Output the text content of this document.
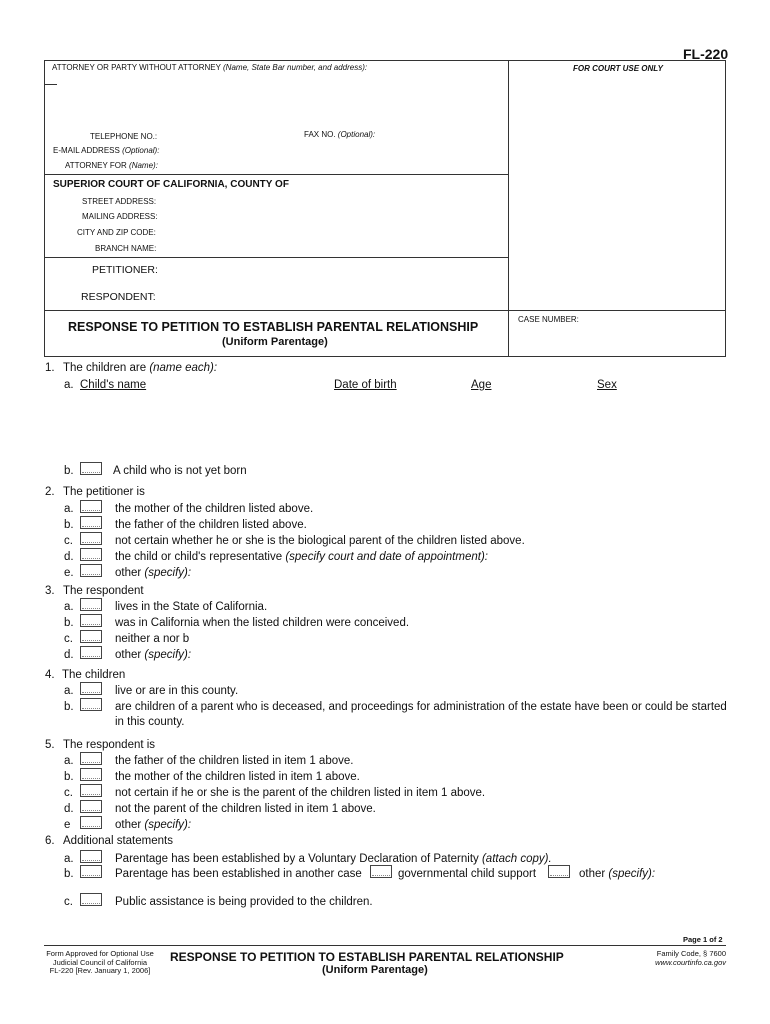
FL-220
ATTORNEY OR PARTY WITHOUT ATTORNEY (Name, State Bar number, and address):	FOR COURT USE ONLY
TELEPHONE NO.:	FAX NO. (Optional):
E-MAIL ADDRESS (Optional):
ATTORNEY FOR (Name):
SUPERIOR COURT OF CALIFORNIA, COUNTY OF
STREET ADDRESS:
MAILING ADDRESS:
CITY AND ZIP CODE:
BRANCH NAME:
PETITIONER:
RESPONDENT:
RESPONSE TO PETITION TO ESTABLISH PARENTAL RELATIONSHIP
(Uniform Parentage)
CASE NUMBER:
1. The children are (name each):
a. Child's name	Date of birth	Age	Sex
b.	A child who is not yet born
2. The petitioner is
a.	the mother of the children listed above.
b.	the father of the children listed above.
c.	not certain whether he or she is the biological parent of the children listed above.
d.	the child or child's representative (specify court and date of appointment):
e.	other (specify):
3. The respondent
a.	lives in the State of California.
b.	was in California when the listed children were conceived.
c.	neither a nor b
d.	other (specify):
4. The children
a.	live or are in this county.
b.	are children of a parent who is deceased, and proceedings for administration of the estate have been or could be started
in this county.
5. The respondent is
a.	the father of the children listed in item 1 above.
b.	the mother of the children listed in item 1 above.
c.	not certain if he or she is the parent of the children listed in item 1 above.
d.	not the parent of the children listed in item 1 above.
e	other (specify):
6. Additional statements
a.	Parentage has been established by a Voluntary Declaration of Paternity (attach copy).
b.	Parentage has been established in another case	governmental child support	other (specify):
c.	Public assistance is being provided to the children.
Page 1 of 2
Form Approved for Optional Use
Judicial Council of California
FL-220 [Rev. January 1, 2006]
RESPONSE TO PETITION TO ESTABLISH PARENTAL RELATIONSHIP
(Uniform Parentage)
Family Code, § 7600
www.courtinfo.ca.gov
